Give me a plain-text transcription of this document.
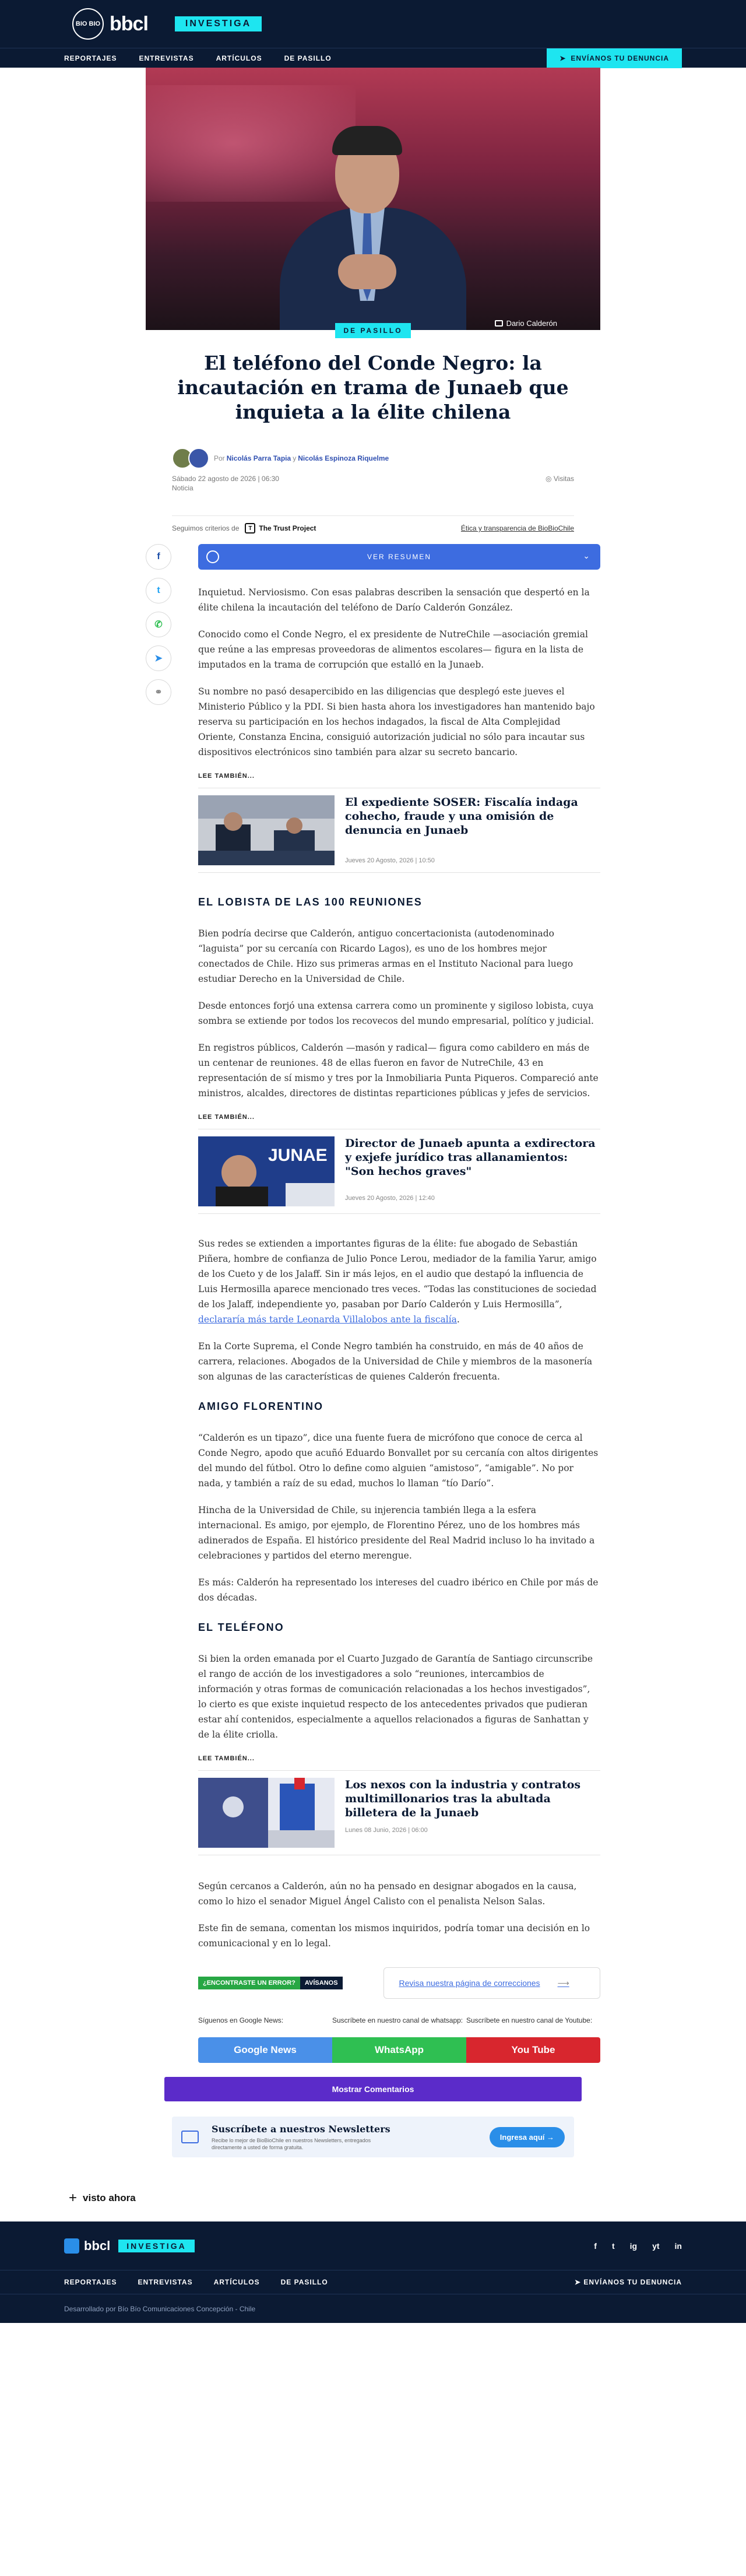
BIO BIO bbcl	INVESTIGA
REPORTAJES	ENTREVISTAS	ARTÍCULOS	DE PASILLO	➤ ENVÍANOS TU DENUNCIA
Dario Calderón
DE PASILLO
El teléfono del Conde Negro: la incautación en trama de Junaeb que inquieta a la élite chilena
Por Nicolás Parra Tapia y Nicolás Espinoza Riquelme
Sábado 22 agosto de 2026 | 06:30	◎ Visitas
Noticia
Seguimos criterios de	T The Trust Project	Ética y transparencia de BioBioChile
f
t
✆
➤
⚭
VER RESUMEN	⌄

Inquietud. Nerviosismo. Con esas palabras describen la sensación que despertó en la élite chilena la incautación del teléfono de Darío Calderón González.

Conocido como el Conde Negro, el ex presidente de NutreChile —asociación gremial que reúne a las empresas proveedoras de alimentos escolares— figura en la lista de imputados en la trama de corrupción que estalló en la Junaeb.

Su nombre no pasó desapercibido en las diligencias que desplegó este jueves el Ministerio Público y la PDI. Si bien hasta ahora los investigadores han mantenido bajo reserva su participación en los hechos indagados, la fiscal de Alta Complejidad Oriente, Constanza Encina, consiguió autorización judicial no sólo para incautar sus dispositivos electrónicos sino también para alzar su secreto bancario.

LEE TAMBIÉN...
El expediente SOSER: Fiscalía indaga cohecho, fraude y una omisión de denuncia en Junaeb
Jueves 20 Agosto, 2026 | 10:50
EL LOBISTA DE LAS 100 REUNIONES

Bien podría decirse que Calderón, antiguo concertacionista (autodenominado “laguista” por su cercanía con Ricardo Lagos), es uno de los hombres mejor conectados de Chile. Hizo sus primeras armas en el Instituto Nacional para luego estudiar Derecho en la Universidad de Chile.

Desde entonces forjó una extensa carrera como un prominente y sigiloso lobista, cuya sombra se extiende por todos los recovecos del mundo empresarial, político y judicial.

En registros públicos, Calderón —masón y radical— figura como cabildero en más de un centenar de reuniones. 48 de ellas fueron en favor de NutreChile, 43 en representación de sí mismo y tres por la Inmobiliaria Punta Piqueros. Compareció ante ministros, alcaldes, directores de distintas reparticiones públicas y jefes de servicios.

LEE TAMBIÉN...
JUNAE
Director de Junaeb apunta a exdirectora y exjefe jurídico tras allanamientos: "Son hechos graves"
Jueves 20 Agosto, 2026 | 12:40

Sus redes se extienden a importantes figuras de la élite: fue abogado de Sebastián Piñera, hombre de confianza de Julio Ponce Lerou, mediador de la familia Yarur, amigo de los Cueto y de los Jalaff. Sin ir más lejos, en el audio que destapó la influencia de Luis Hermosilla aparece mencionado tres veces. “Todas las constituciones de sociedad de los Jalaff, independiente yo, pasaban por Darío Calderón y Luis Hermosilla”, declararía más tarde Leonarda Villalobos ante la fiscalía.

En la Corte Suprema, el Conde Negro también ha construido, en más de 40 años de carrera, relaciones. Abogados de la Universidad de Chile y miembros de la masonería son algunas de las características de quienes Calderón frecuenta.

AMIGO FLORENTINO

“Calderón es un tipazo”, dice una fuente fuera de micrófono que conoce de cerca al Conde Negro, apodo que acuñó Eduardo Bonvallet por su cercanía con altos dirigentes del mundo del fútbol. Otro lo define como alguien “amistoso”, “amigable”. No por nada, y también a raíz de su edad, muchos lo llaman “tío Darío”.

Hincha de la Universidad de Chile, su injerencia también llega a la esfera internacional. Es amigo, por ejemplo, de Florentino Pérez, uno de los hombres más adinerados de España. El histórico presidente del Real Madrid incluso lo ha invitado a celebraciones y partidos del eterno merengue.

Es más: Calderón ha representado los intereses del cuadro ibérico en Chile por más de dos décadas.

EL TELÉFONO

Si bien la orden emanada por el Cuarto Juzgado de Garantía de Santiago circunscribe el rango de acción de los investigadores a solo “reuniones, intercambios de información y otras formas de comunicación relacionadas a los hechos investigados”, lo cierto es que existe inquietud respecto de los antecedentes privados que pudieran estar ahí contenidos, especialmente a aquellos relacionados a figuras de Sanhattan y de la élite criolla.

LEE TAMBIÉN...
Los nexos con la industria y contratos multimillonarios tras la abultada billetera de la Junaeb
Lunes 08 Junio, 2026 | 06:00

Según cercanos a Calderón, aún no ha pensado en designar abogados en la causa, como lo hizo el senador Miguel Ángel Calisto con el penalista Nelson Salas.

Este fin de semana, comentan los mismos inquiridos, podría tomar una decisión en lo comunicacional y en lo legal.

¿ENCONTRASTE UN ERROR?	AVÍSANOS	Revisa nuestra página de correcciones ⟶
Síguenos en Google News:
Google News
Suscríbete en nuestro canal de whatsapp:
WhatsApp
Suscríbete en nuestro canal de Youtube:
You Tube
Mostrar Comentarios
Suscríbete a nuestros Newsletters
Recibe lo mejor de BioBioChile en nuestros Newsletters, entregados directamente a usted de forma gratuita.
Ingresa aquí →
+ visto ahora
bbcl	INVESTIGA	f t ig yt in
REPORTAJES	ENTREVISTAS	ARTÍCULOS	DE PASILLO	➤ ENVÍANOS TU DENUNCIA
Desarrollado por Bío Bío Comunicaciones Concepción - Chile
